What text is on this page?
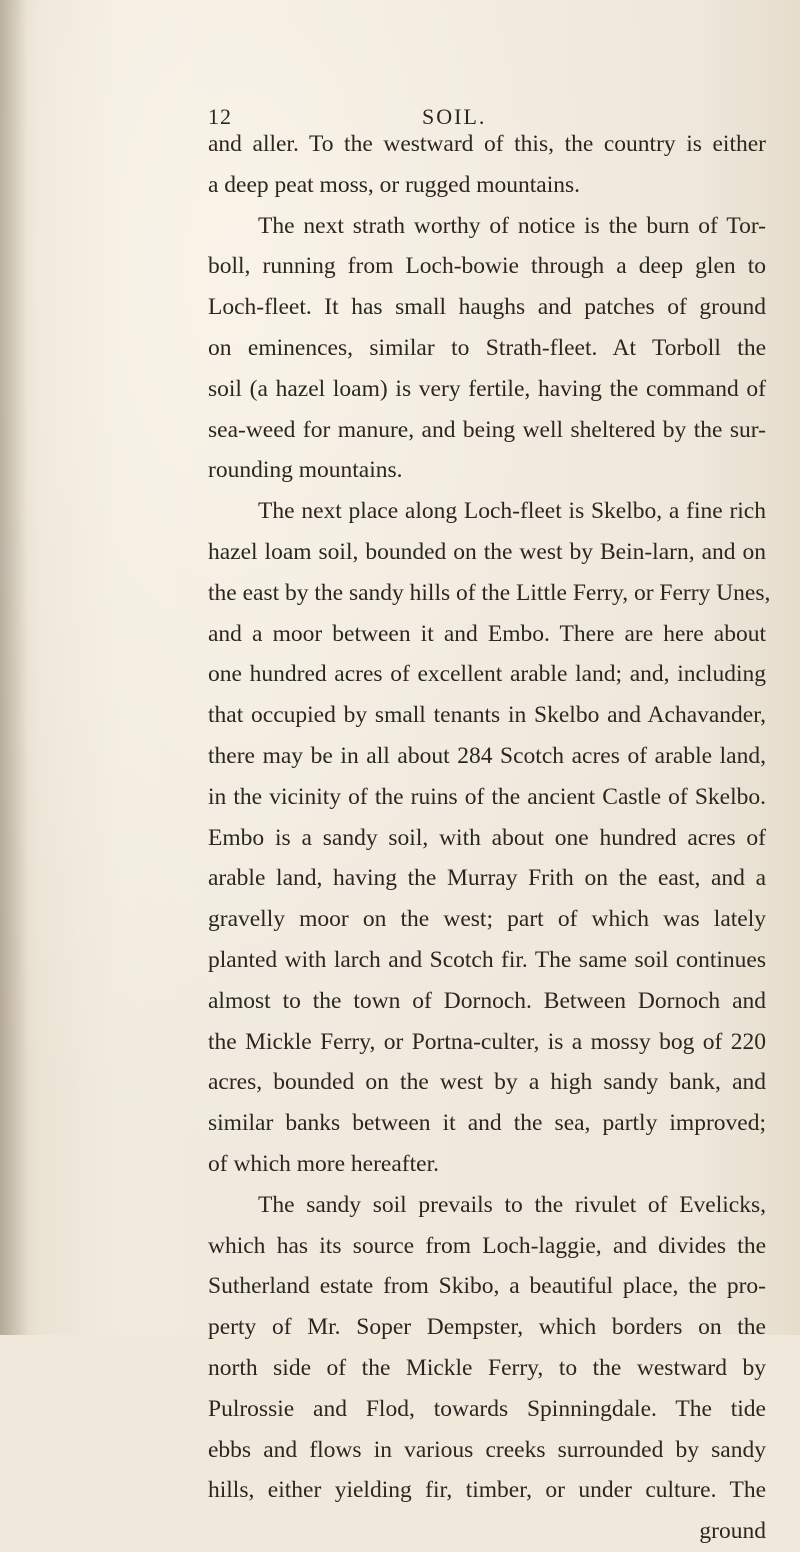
12	SOIL.
and aller. To the westward of this, the country is either
a deep peat moss, or rugged mountains.
The next strath worthy of notice is the burn of Tor-
boll, running from Loch-bowie through a deep glen to
Loch-fleet. It has small haughs and patches of ground
on eminences, similar to Strath-fleet. At Torboll the
soil (a hazel loam) is very fertile, having the command of
sea-weed for manure, and being well sheltered by the sur-
rounding mountains.
The next place along Loch-fleet is Skelbo, a fine rich
hazel loam soil, bounded on the west by Bein-larn, and on
the east by the sandy hills of the Little Ferry, or Ferry Unes,
and a moor between it and Embo. There are here about
one hundred acres of excellent arable land; and, including
that occupied by small tenants in Skelbo and Achavander,
there may be in all about 284 Scotch acres of arable land,
in the vicinity of the ruins of the ancient Castle of Skelbo.
Embo is a sandy soil, with about one hundred acres of
arable land, having the Murray Frith on the east, and a
gravelly moor on the west; part of which was lately
planted with larch and Scotch fir. The same soil continues
almost to the town of Dornoch. Between Dornoch and
the Mickle Ferry, or Portna-culter, is a mossy bog of 220
acres, bounded on the west by a high sandy bank, and
similar banks between it and the sea, partly improved;
of which more hereafter.
The sandy soil prevails to the rivulet of Evelicks,
which has its source from Loch-laggie, and divides the
Sutherland estate from Skibo, a beautiful place, the pro-
perty of Mr. Soper Dempster, which borders on the
north side of the Mickle Ferry, to the westward by
Pulrossie and Flod, towards Spinningdale. The tide
ebbs and flows in various creeks surrounded by sandy
hills, either yielding fir, timber, or under culture. The
ground
